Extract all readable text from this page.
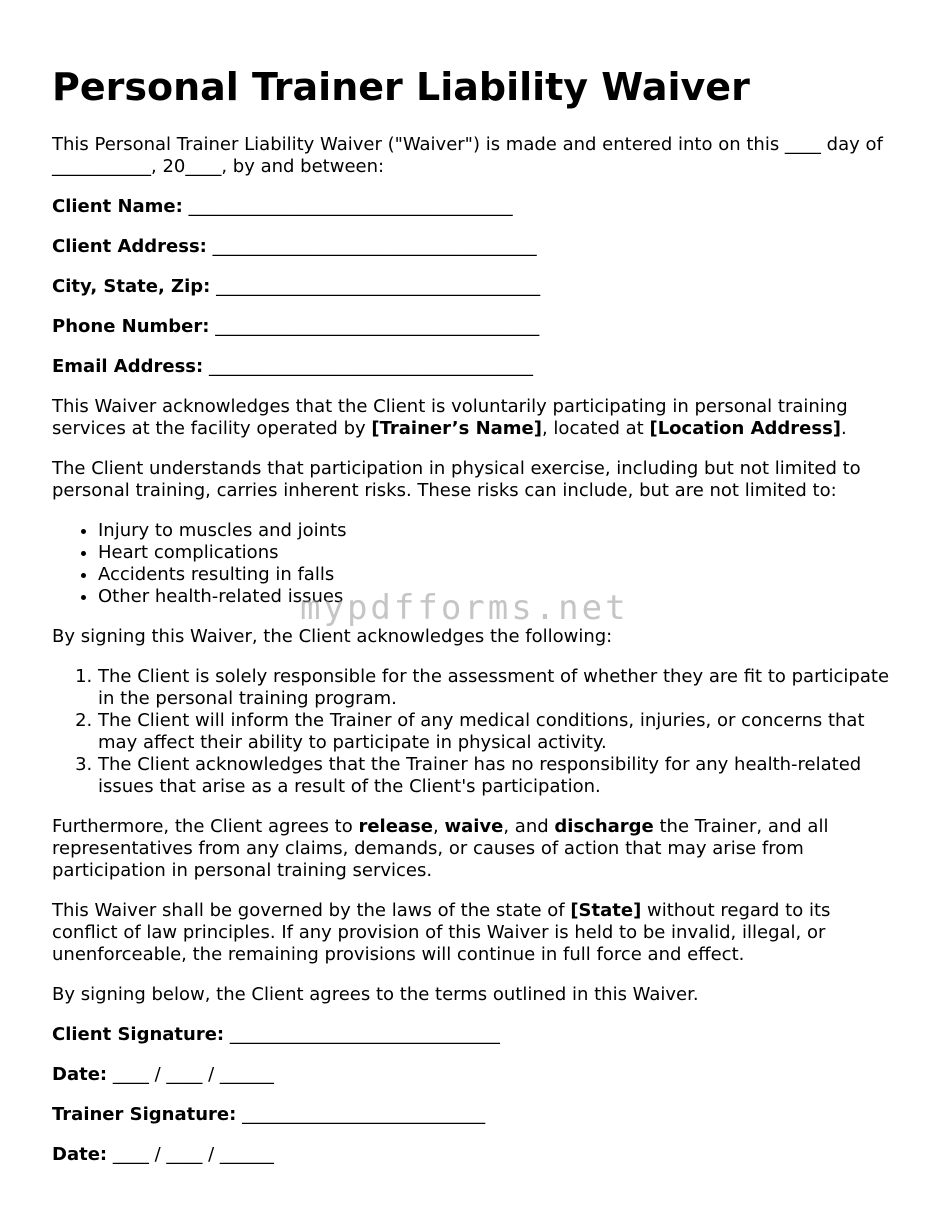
Personal Trainer Liability Waiver

This Personal Trainer Liability Waiver ("Waiver") is made and entered into on this ____ day of ___________, 20____, by and between:

Client Name: ____________________________________
Client Address: ____________________________________
City, State, Zip: ____________________________________
Phone Number: ____________________________________
Email Address: ____________________________________

This Waiver acknowledges that the Client is voluntarily participating in personal training services at the facility operated by [Trainer’s Name], located at [Location Address].

The Client understands that participation in physical exercise, including but not limited to personal training, carries inherent risks. These risks can include, but are not limited to:

• Injury to muscles and joints
• Heart complications
• Accidents resulting in falls
• Other health-related issues

By signing this Waiver, the Client acknowledges the following:

1. The Client is solely responsible for the assessment of whether they are fit to participate in the personal training program.
2. The Client will inform the Trainer of any medical conditions, injuries, or concerns that may affect their ability to participate in physical activity.
3. The Client acknowledges that the Trainer has no responsibility for any health-related issues that arise as a result of the Client's participation.

Furthermore, the Client agrees to release, waive, and discharge the Trainer, and all representatives from any claims, demands, or causes of action that may arise from participation in personal training services.

This Waiver shall be governed by the laws of the state of [State] without regard to its conflict of law principles. If any provision of this Waiver is held to be invalid, illegal, or unenforceable, the remaining provisions will continue in full force and effect.

By signing below, the Client agrees to the terms outlined in this Waiver.

Client Signature: ______________________________
Date: ____ / ____ / ______
Trainer Signature: ___________________________
Date: ____ / ____ / ______
mypdfforms.net
